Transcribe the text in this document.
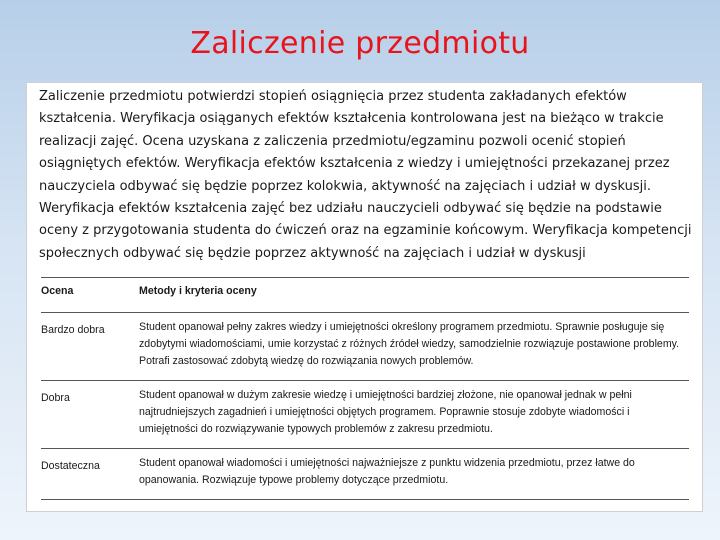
Zaliczenie przedmiotu

Zaliczenie przedmiotu potwierdzi stopień osiągnięcia przez studenta zakładanych efektów kształcenia. Weryfikacja osiąganych efektów kształcenia kontrolowana jest na bieżąco w trakcie realizacji zajęć. Ocena uzyskana z zaliczenia przedmiotu/egzaminu pozwoli ocenić stopień osiągniętych efektów. Weryfikacja efektów kształcenia z wiedzy i umiejętności przekazanej przez nauczyciela odbywać się będzie poprzez kolokwia, aktywność na zajęciach i udział w dyskusji. Weryfikacja efektów kształcenia zajęć bez udziału nauczycieli odbywać się będzie na podstawie oceny z przygotowania studenta do ćwiczeń oraz na egzaminie końcowym. Weryfikacja kompetencji społecznych odbywać się będzie poprzez aktywność na zajęciach i udział w dyskusji

Ocena	Metody i kryteria oceny
Bardzo dobra	Student opanował pełny zakres wiedzy i umiejętności określony programem przedmiotu. Sprawnie posługuje się zdobytymi wiadomościami, umie korzystać z różnych źródeł wiedzy, samodzielnie rozwiązuje postawione problemy. Potrafi zastosować zdobytą wiedzę do rozwiązania nowych problemów.
Dobra	Student opanował w dużym zakresie wiedzę i umiejętności bardziej złożone, nie opanował jednak w pełni najtrudniejszych zagadnień i umiejętności objętych programem. Poprawnie stosuje zdobyte wiadomości i umiejętności do rozwiązywanie typowych problemów z zakresu przedmiotu.
Dostateczna	Student opanował wiadomości i umiejętności najważniejsze z punktu widzenia przedmiotu, przez łatwe do opanowania. Rozwiązuje typowe problemy dotyczące przedmiotu.
